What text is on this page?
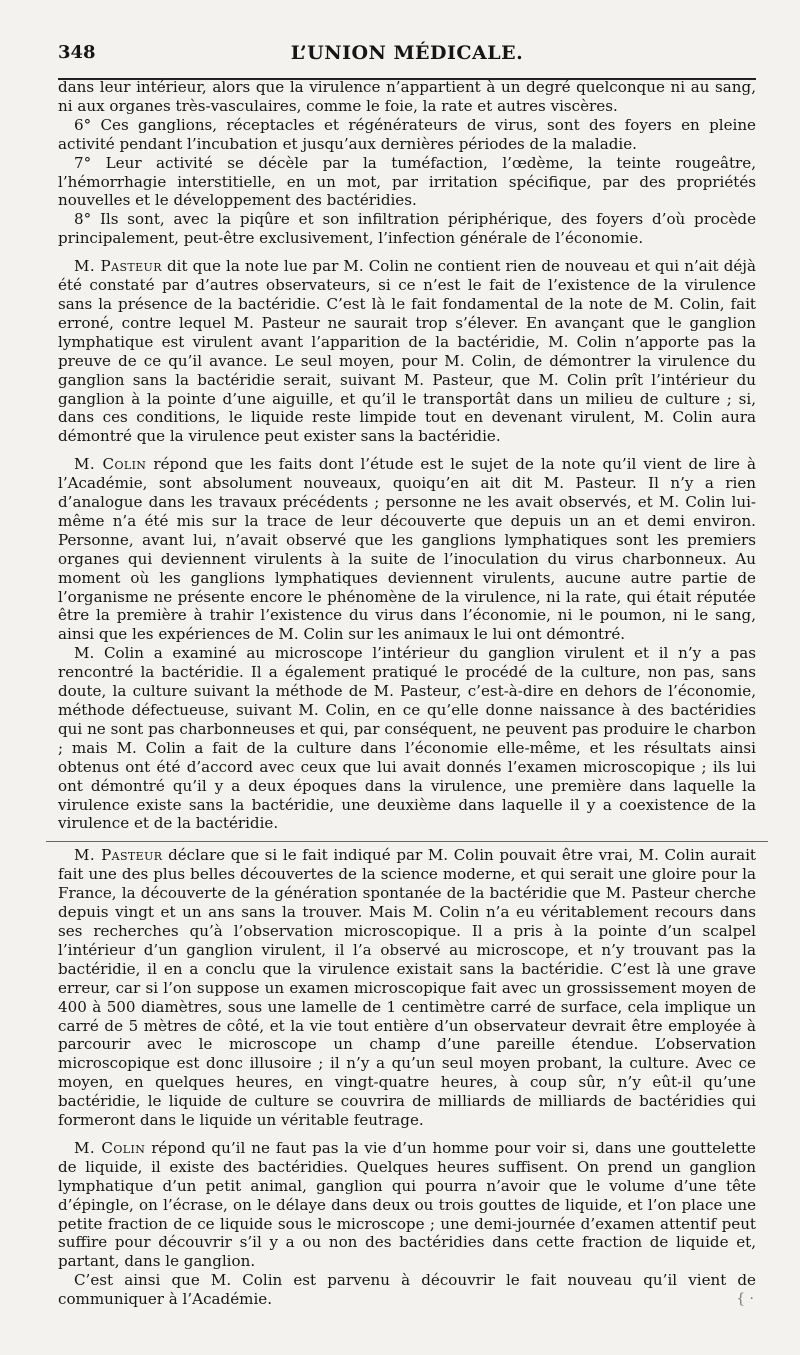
348	L’UNION MÉDICALE.

dans leur intérieur, alors que la virulence n’appartient à un degré quelconque ni au sang, ni aux organes très-vasculaires, comme le foie, la rate et autres viscères.

6° Ces ganglions, réceptacles et régénérateurs de virus, sont des foyers en pleine activité pendant l’incubation et jusqu’aux dernières périodes de la maladie.

7° Leur activité se décèle par la tuméfaction, l’œdème, la teinte rougeâtre, l’hémorrhagie interstitielle, en un mot, par irritation spécifique, par des propriétés nouvelles et le développement des bactéridies.

8° Ils sont, avec la piqûre et son infiltration périphérique, des foyers d’où procède principalement, peut-être exclusivement, l’infection générale de l’économie.

M. Pasteur dit que la note lue par M. Colin ne contient rien de nouveau et qui n’ait déjà été constaté par d’autres observateurs, si ce n’est le fait de l’existence de la virulence sans la présence de la bactéridie. C’est là le fait fondamental de la note de M. Colin, fait erroné, contre lequel M. Pasteur ne saurait trop s’élever. En avançant que le ganglion lymphatique est virulent avant l’apparition de la bactéridie, M. Colin n’apporte pas la preuve de ce qu’il avance. Le seul moyen, pour M. Colin, de démontrer la virulence du ganglion sans la bactéridie serait, suivant M. Pasteur, que M. Colin prît l’intérieur du ganglion à la pointe d’une aiguille, et qu’il le transportât dans un milieu de culture ; si, dans ces conditions, le liquide reste limpide tout en devenant virulent, M. Colin aura démontré que la virulence peut exister sans la bactéridie.

M. Colin répond que les faits dont l’étude est le sujet de la note qu’il vient de lire à l’Académie, sont absolument nouveaux, quoiqu’en ait dit M. Pasteur. Il n’y a rien d’analogue dans les travaux précédents ; personne ne les avait observés, et M. Colin lui-même n’a été mis sur la trace de leur découverte que depuis un an et demi environ. Personne, avant lui, n’avait observé que les ganglions lymphatiques sont les premiers organes qui deviennent virulents à la suite de l’inoculation du virus charbonneux. Au moment où les ganglions lymphatiques deviennent virulents, aucune autre partie de l’organisme ne présente encore le phénomène de la virulence, ni la rate, qui était réputée être la première à trahir l’existence du virus dans l’économie, ni le poumon, ni le sang, ainsi que les expériences de M. Colin sur les animaux le lui ont démontré.

M. Colin a examiné au microscope l’intérieur du ganglion virulent et il n’y a pas rencontré la bactéridie. Il a également pratiqué le procédé de la culture, non pas, sans doute, la culture suivant la méthode de M. Pasteur, c’est-à-dire en dehors de l’économie, méthode défectueuse, suivant M. Colin, en ce qu’elle donne naissance à des bactéridies qui ne sont pas charbonneuses et qui, par conséquent, ne peuvent pas produire le charbon ; mais M. Colin a fait de la culture dans l’économie elle-même, et les résultats ainsi obtenus ont été d’accord avec ceux que lui avait donnés l’examen microscopique ; ils lui ont démontré qu’il y a deux époques dans la virulence, une première dans laquelle la virulence existe sans la bactéridie, une deuxième dans laquelle il y a coexistence de la virulence et de la bactéridie.

M. Pasteur déclare que si le fait indiqué par M. Colin pouvait être vrai, M. Colin aurait fait une des plus belles découvertes de la science moderne, et qui serait une gloire pour la France, la découverte de la génération spontanée de la bactéridie que M. Pasteur cherche depuis vingt et un ans sans la trouver. Mais M. Colin n’a eu véritablement recours dans ses recherches qu’à l’observation microscopique. Il a pris à la pointe d’un scalpel l’intérieur d’un ganglion virulent, il l’a observé au microscope, et n’y trouvant pas la bactéridie, il en a conclu que la virulence existait sans la bactéridie. C’est là une grave erreur, car si l’on suppose un examen microscopique fait avec un grossissement moyen de 400 à 500 diamètres, sous une lamelle de 1 centimètre carré de surface, cela implique un carré de 5 mètres de côté, et la vie tout entière d’un observateur devrait être employée à parcourir avec le microscope un champ d’une pareille étendue. L’observation microscopique est donc illusoire ; il n’y a qu’un seul moyen probant, la culture. Avec ce moyen, en quelques heures, en vingt-quatre heures, à coup sûr, n’y eût-il qu’une bactéridie, le liquide de culture se couvrira de milliards de milliards de bactéridies qui formeront dans le liquide un véritable feutrage.

M. Colin répond qu’il ne faut pas la vie d’un homme pour voir si, dans une gouttelette de liquide, il existe des bactéridies. Quelques heures suffisent. On prend un ganglion lymphatique d’un petit animal, ganglion qui pourra n’avoir que le volume d’une tête d’épingle, on l’écrase, on le délaye dans deux ou trois gouttes de liquide, et l’on place une petite fraction de ce liquide sous le microscope ; une demi-journée d’examen attentif peut suffire pour découvrir s’il y a ou non des bactéridies dans cette fraction de liquide et, partant, dans le ganglion.

C’est ainsi que M. Colin est parvenu à découvrir le fait nouveau qu’il vient de communiquer à l’Académie.	{ ·
